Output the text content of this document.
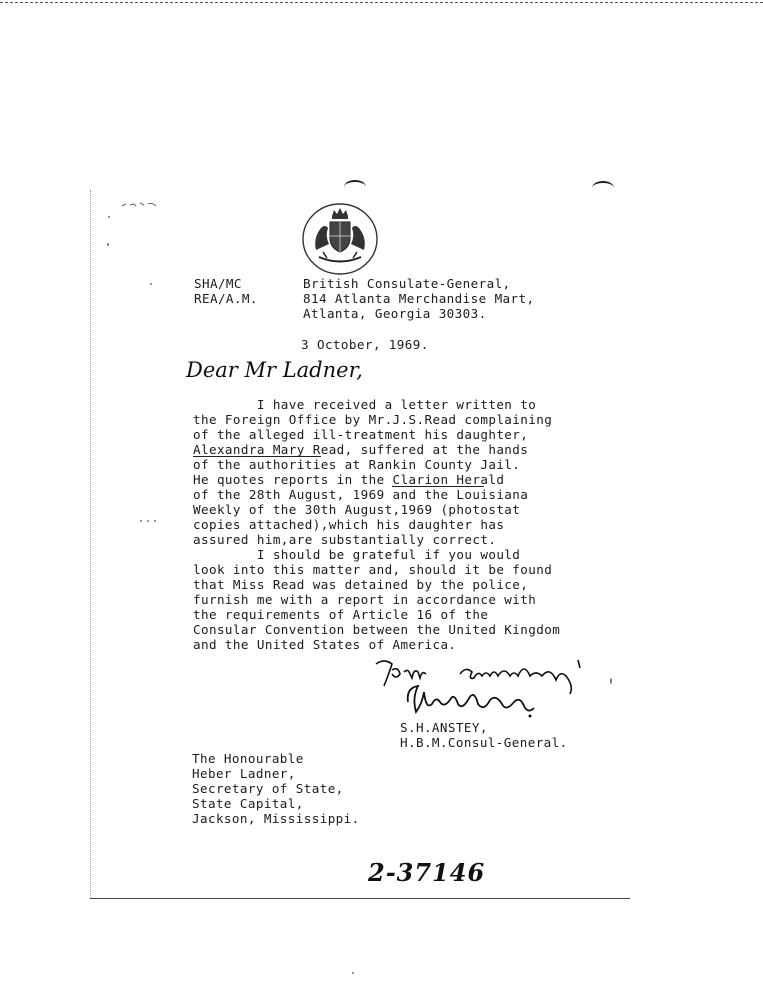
SHA/MC
REA/A.M.
British Consulate-General,
814 Atlanta Merchandise Mart,
Atlanta, Georgia 30303.
3 October, 1969.
Dear Mr Ladner,
I have received a letter written to
the Foreign Office by Mr.J.S.Read complaining
of the alleged ill-treatment his daughter,
Alexandra Mary Read, suffered at the hands
of the authorities at Rankin County Jail.
He quotes reports in the Clarion Herald
of the 28th August, 1969 and the Louisiana
Weekly of the 30th August,1969 (photostat
copies attached),which his daughter has
assured him,are substantially correct.
I should be grateful if you would
look into this matter and, should it be found
that Miss Read was detained by the police,
furnish me with a report in accordance with
the requirements of Article 16 of the
Consular Convention between the United Kingdom
and the United States of America.
S.H.ANSTEY,
H.B.M.Consul-General.
The Honourable
Heber Ladner,
Secretary of State,
State Capital,
Jackson, Mississippi.
2-37146
